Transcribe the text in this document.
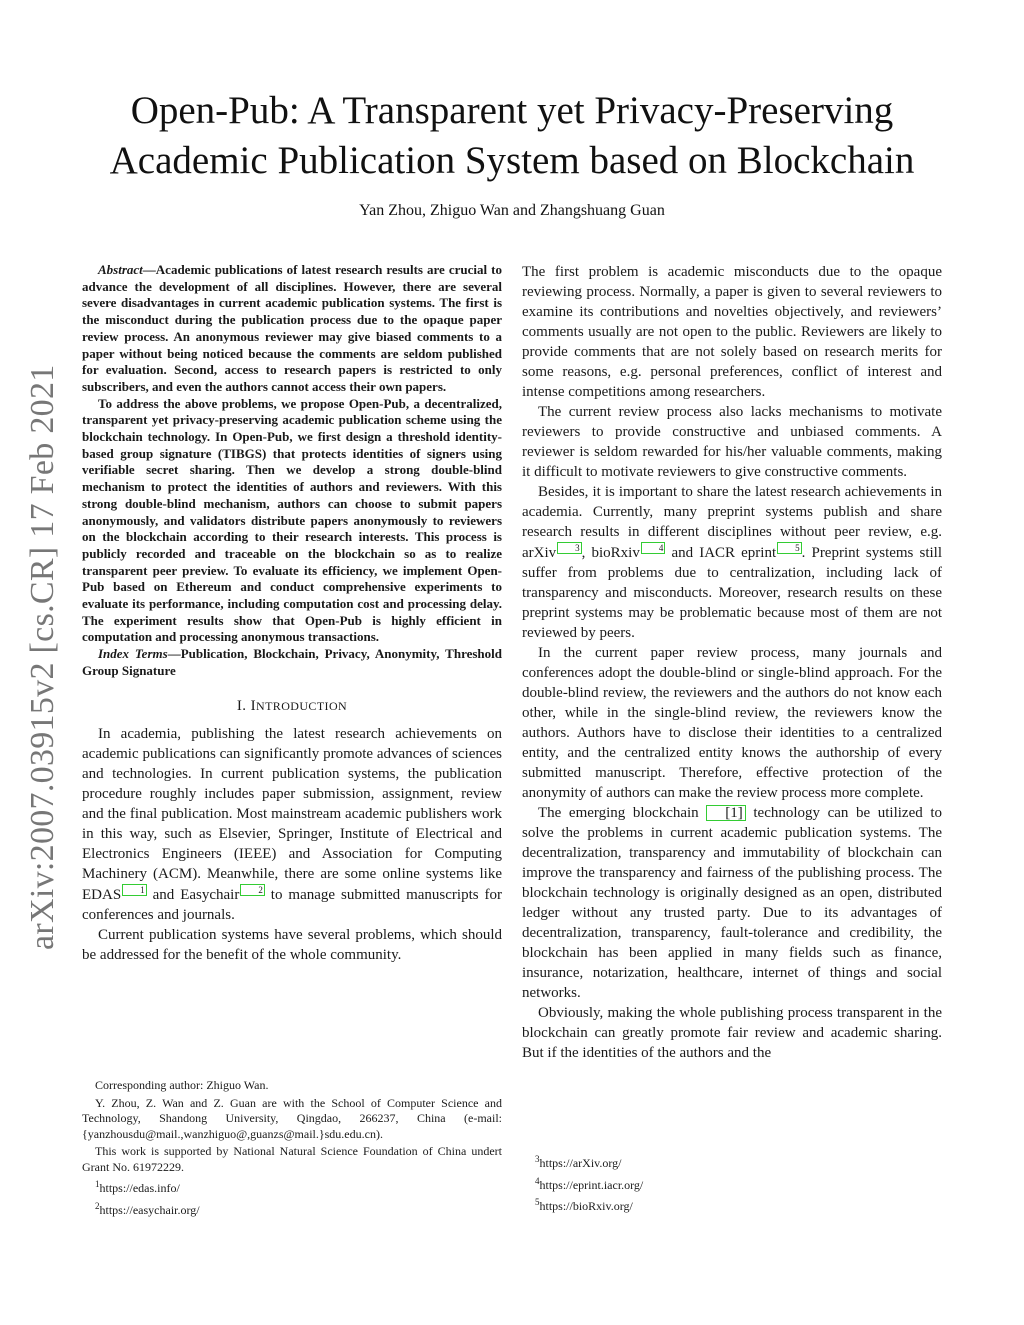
arXiv:2007.03915v2 [cs.CR] 17 Feb 2021
Open-Pub: A Transparent yet Privacy-Preserving
Academic Publication System based on Blockchain
Yan Zhou, Zhiguo Wan and Zhangshuang Guan

Abstract—Academic publications of latest research results are crucial to advance the development of all disciplines. However, there are several severe disadvantages in current academic publication systems. The first is the misconduct during the publication process due to the opaque paper review process. An anonymous reviewer may give biased comments to a paper without being noticed because the comments are seldom published for evaluation. Second, access to research papers is restricted to only subscribers, and even the authors cannot access their own papers.

To address the above problems, we propose Open-Pub, a decentralized, transparent yet privacy-preserving academic publication scheme using the blockchain technology. In Open-Pub, we first design a threshold identity-based group signature (TIBGS) that protects identities of signers using verifiable secret sharing. Then we develop a strong double-blind mechanism to protect the identities of authors and reviewers. With this strong double-blind mechanism, authors can choose to submit papers anonymously, and validators distribute papers anonymously to reviewers on the blockchain according to their research interests. This process is publicly recorded and traceable on the blockchain so as to realize transparent peer preview. To evaluate its efficiency, we implement Open-Pub based on Ethereum and conduct comprehensive experiments to evaluate its performance, including computation cost and processing delay. The experiment results show that Open-Pub is highly efficient in computation and processing anonymous transactions.

Index Terms—Publication, Blockchain, Privacy, Anonymity, Threshold Group Signature

I. INTRODUCTION

In academia, publishing the latest research achievements on academic publications can significantly promote advances of sciences and technologies. In current publication systems, the publication procedure roughly includes paper submission, assignment, review and the final publication. Most mainstream academic publishers work in this way, such as Elsevier, Springer, Institute of Electrical and Electronics Engineers (IEEE) and Association for Computing Machinery (ACM). Meanwhile, there are some online systems like EDAS 1 and Easychair 2 to manage submitted manuscripts for conferences and journals.

Current publication systems have several problems, which should be addressed for the benefit of the whole community.

Corresponding author: Zhiguo Wan.

Y. Zhou, Z. Wan and Z. Guan are with the School of Computer Science and Technology, Shandong University, Qingdao, 266237, China (e-mail:{yanzhousdu@mail.,wanzhiguo@,guanzs@mail.}sdu.edu.cn).

This work is supported by National Natural Science Foundation of China undert Grant No. 61972229.

$^1$https://edas.info/

$^2$https://easychair.org/

The first problem is academic misconducts due to the opaque reviewing process. Normally, a paper is given to several reviewers to examine its contributions and novelties objectively, and reviewers’ comments usually are not open to the public. Reviewers are likely to provide comments that are not solely based on research merits for some reasons, e.g. personal preferences, conflict of interest and intense competitions among researchers.

The current review process also lacks mechanisms to motivate reviewers to provide constructive and unbiased comments. A reviewer is seldom rewarded for his/her valuable comments, making it difficult to motivate reviewers to give constructive comments.

Besides, it is important to share the latest research achievements in academia. Currently, many preprint systems publish and share research results in different disciplines without peer review, e.g. arXiv 3 , bioRxiv 4 and IACR eprint 5 . Preprint systems still suffer from problems due to centralization, including lack of transparency and misconducts. Moreover, research results on these preprint systems may be problematic because most of them are not reviewed by peers.

In the current paper review process, many journals and conferences adopt the double-blind or single-blind approach. For the double-blind review, the reviewers and the authors do not know each other, while in the single-blind review, the reviewers know the authors. Authors have to disclose their identities to a centralized entity, and the centralized entity knows the authorship of every submitted manuscript. Therefore, effective protection of the anonymity of authors can make the review process more complete.

The emerging blockchain [1] technology can be utilized to solve the problems in current academic publication systems. The decentralization, transparency and immutability of blockchain can improve the transparency and fairness of the publishing process. The blockchain technology is originally designed as an open, distributed ledger without any trusted party. Due to its advantages of decentralization, transparency, fault-tolerance and credibility, the blockchain has been applied in many fields such as finance, insurance, notarization, healthcare, internet of things and social networks.

Obviously, making the whole publishing process transparent in the blockchain can greatly promote fair review and academic sharing. But if the identities of the authors and the

$^3$https://arXiv.org/

$^4$https://eprint.iacr.org/

$^5$https://bioRxiv.org/
